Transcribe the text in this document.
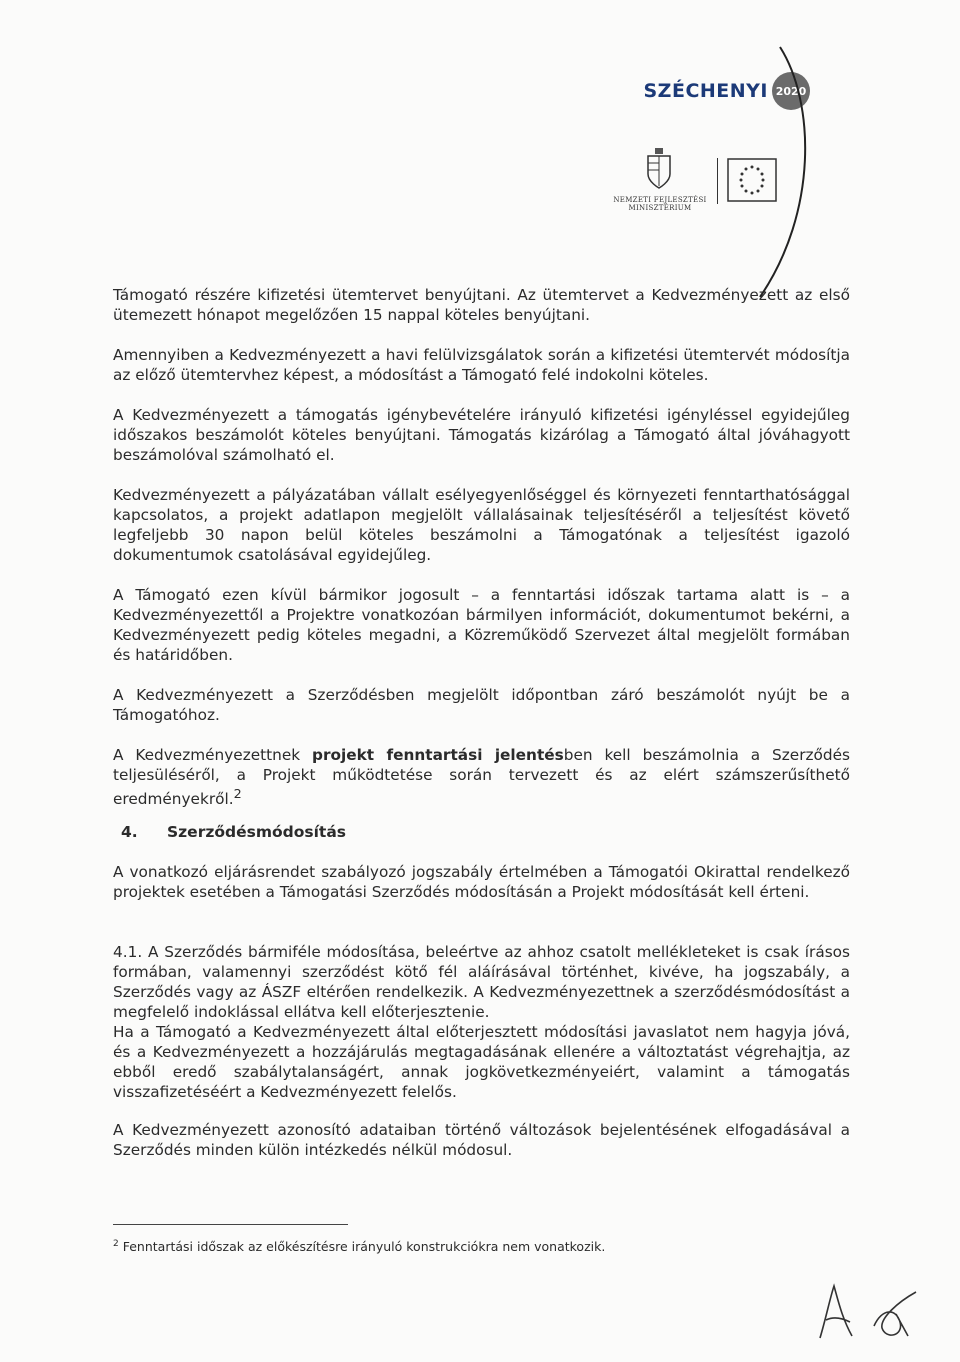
SZÉCHENYI 2020
NEMZETI FEJLESZTÉSI
MINISZTÉRIUM

Támogató részére kifizetési ütemtervet benyújtani. Az ütemtervet a Kedvezményezett az első ütemezett hónapot megelőzően 15 nappal köteles benyújtani.

Amennyiben a Kedvezményezett a havi felülvizsgálatok során a kifizetési ütemtervét módosítja az előző ütemtervhez képest, a módosítást a Támogató felé indokolni köteles.

A Kedvezményezett a támogatás igénybevételére irányuló kifizetési igényléssel egyidejűleg időszakos beszámolót köteles benyújtani. Támogatás kizárólag a Támogató által jóváhagyott beszámolóval számolható el.

Kedvezményezett a pályázatában vállalt esélyegyenlőséggel és környezeti fenntarthatósággal kapcsolatos, a projekt adatlapon megjelölt vállalásainak teljesítéséről a teljesítést követő legfeljebb 30 napon belül köteles beszámolni a Támogatónak a teljesítést igazoló dokumentumok csatolásával egyidejűleg.

A Támogató ezen kívül bármikor jogosult – a fenntartási időszak tartama alatt is – a Kedvezményezettől a Projektre vonatkozóan bármilyen információt, dokumentumot bekérni, a Kedvezményezett pedig köteles megadni, a Közreműködő Szervezet által megjelölt formában és határidőben.

A Kedvezményezett a Szerződésben megjelölt időpontban záró beszámolót nyújt be a Támogatóhoz.

A Kedvezményezettnek projekt fenntartási jelentésben kell beszámolnia a Szerződés teljesüléséről, a Projekt működtetése során tervezett és az elért számszerűsíthető eredményekről.$^2$

4. Szerződésmódosítás

A vonatkozó eljárásrendet szabályozó jogszabály értelmében a Támogatói Okirattal rendelkező projektek esetében a Támogatási Szerződés módosításán a Projekt módosítását kell érteni.

4.1. A Szerződés bármiféle módosítása, beleértve az ahhoz csatolt mellékleteket is csak írásos formában, valamennyi szerződést kötő fél aláírásával történhet, kivéve, ha jogszabály, a Szerződés vagy az ÁSZF eltérően rendelkezik. A Kedvezményezettnek a szerződésmódosítást a megfelelő indoklással ellátva kell előterjesztenie.

Ha a Támogató a Kedvezményezett által előterjesztett módosítási javaslatot nem hagyja jóvá, és a Kedvezményezett a hozzájárulás megtagadásának ellenére a változtatást végrehajtja, az ebből eredő szabálytalanságért, annak jogkövetkezményeiért, valamint a támogatás visszafizetéséért a Kedvezményezett felelős.

A Kedvezményezett azonosító adataiban történő változások bejelentésének elfogadásával a Szerződés minden külön intézkedés nélkül módosul.

$^2$ Fenntartási időszak az előkészítésre irányuló konstrukciókra nem vonatkozik.
